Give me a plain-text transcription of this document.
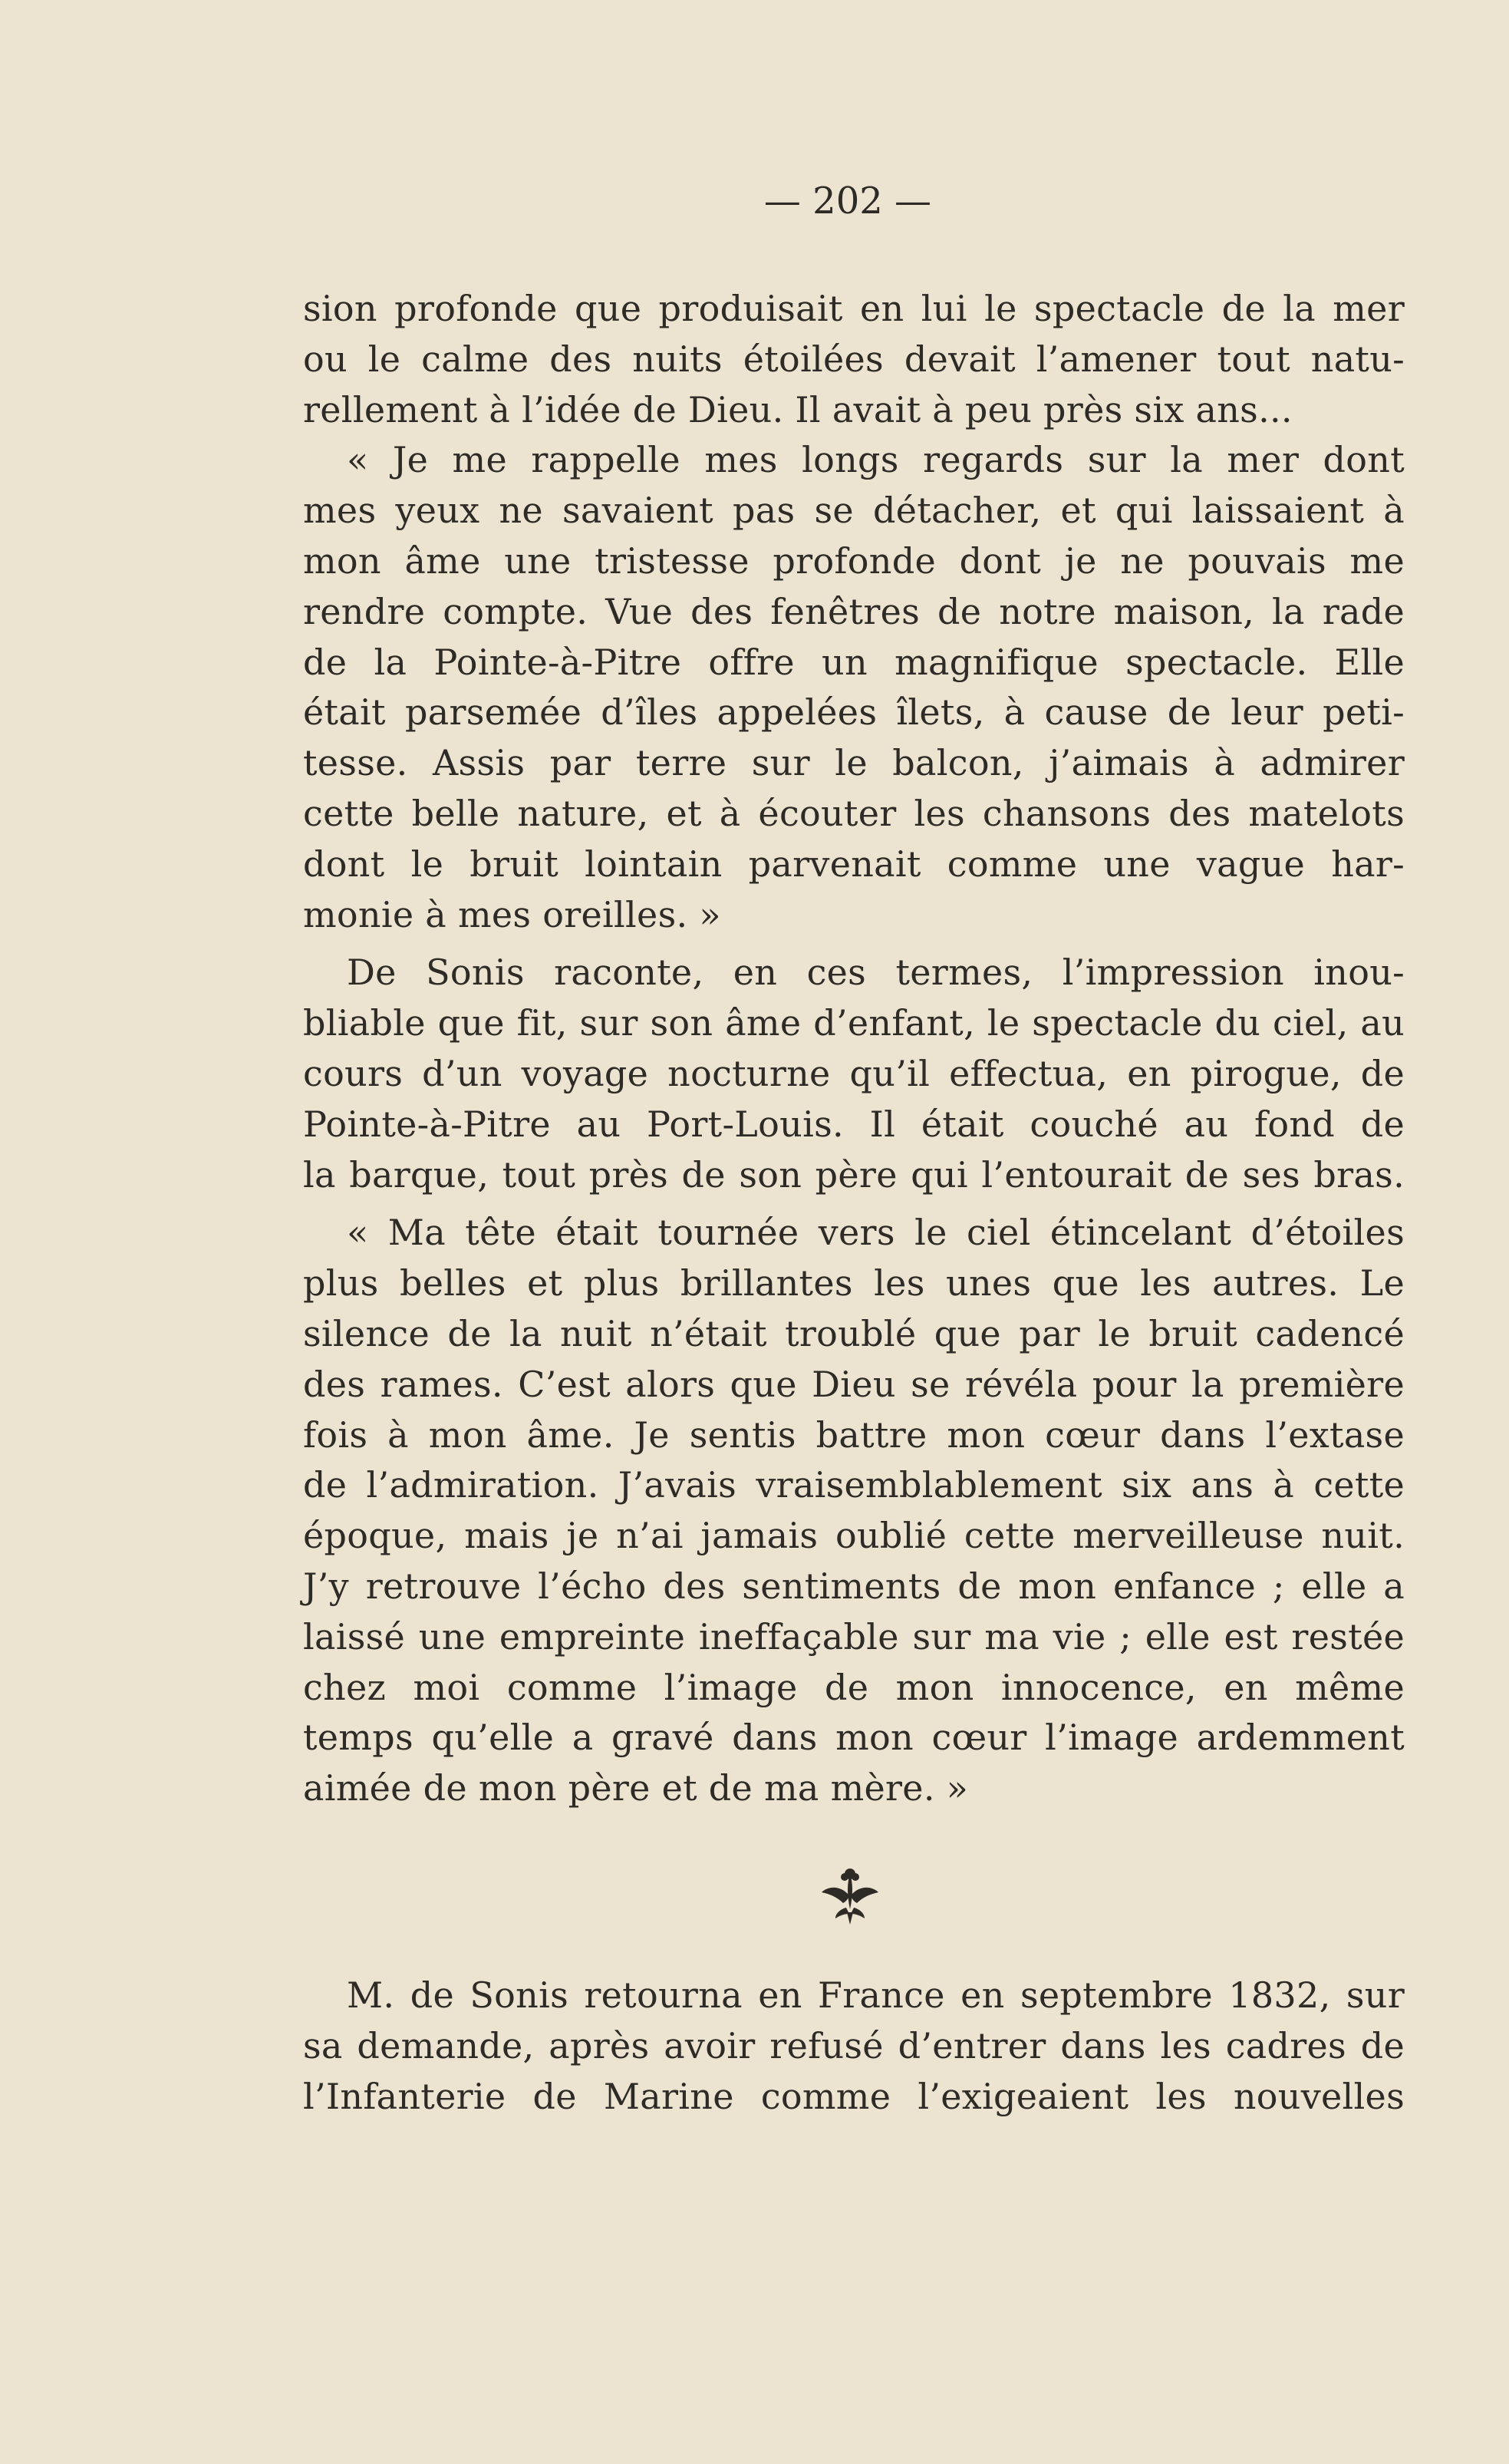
— 202 —
sion profonde que produisait en lui le spectacle de la mer
ou le calme des nuits étoilées devait l’amener tout natu-
rellement à l’idée de Dieu. Il avait à peu près six ans...
« Je me rappelle mes longs regards sur la mer dont
mes yeux ne savaient pas se détacher, et qui laissaient à
mon âme une tristesse profonde dont je ne pouvais me
rendre compte. Vue des fenêtres de notre maison, la rade
de la Pointe-à-Pitre offre un magnifique spectacle. Elle
était parsemée d’îles appelées îlets, à cause de leur peti-
tesse. Assis par terre sur le balcon, j’aimais à admirer
cette belle nature, et à écouter les chansons des matelots
dont le bruit lointain parvenait comme une vague har-
monie à mes oreilles. »
De Sonis raconte, en ces termes, l’impression inou-
bliable que fit, sur son âme d’enfant, le spectacle du ciel, au
cours d’un voyage nocturne qu’il effectua, en pirogue, de
Pointe-à-Pitre au Port-Louis. Il était couché au fond de
la barque, tout près de son père qui l’entourait de ses bras.
« Ma tête était tournée vers le ciel étincelant d’étoiles
plus belles et plus brillantes les unes que les autres. Le
silence de la nuit n’était troublé que par le bruit cadencé
des rames. C’est alors que Dieu se révéla pour la première
fois à mon âme. Je sentis battre mon cœur dans l’extase
de l’admiration. J’avais vraisemblablement six ans à cette
époque, mais je n’ai jamais oublié cette merveilleuse nuit.
J’y retrouve l’écho des sentiments de mon enfance ; elle a
laissé une empreinte ineffaçable sur ma vie ; elle est restée
chez moi comme l’image de mon innocence, en même
temps qu’elle a gravé dans mon cœur l’image ardemment
aimée de mon père et de ma mère. »
M. de Sonis retourna en France en septembre 1832, sur
sa demande, après avoir refusé d’entrer dans les cadres de
l’Infanterie de Marine comme l’exigeaient les nouvelles
